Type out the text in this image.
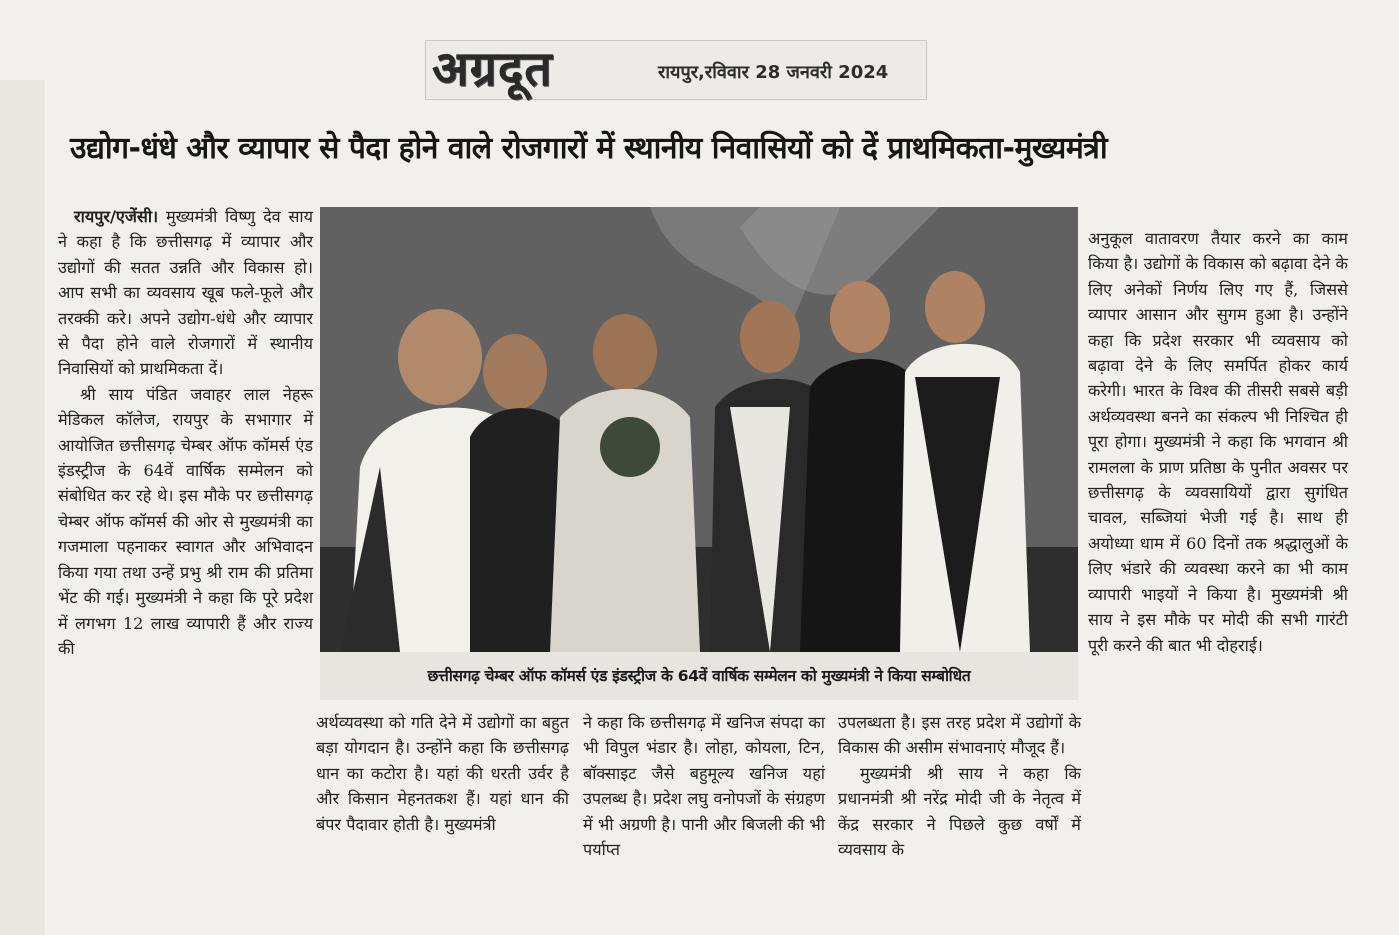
अग्रदूत	रायपुर,रविवार 28 जनवरी 2024
उद्योग-धंधे और व्यापार से पैदा होने वाले रोजगारों में स्थानीय निवासियों को दें प्राथमिकता-मुख्यमंत्री

रायपुर/एजेंसी। मुख्यमंत्री विष्णु देव साय ने कहा है कि छत्तीसगढ़ में व्यापार और उद्योगों की सतत उन्नति और विकास हो। आप सभी का व्यवसाय खूब फले-फूले और तरक्की करे। अपने उद्योग-धंधे और व्यापार से पैदा होने वाले रोजगारों में स्थानीय निवासियों को प्राथमिकता दें।

श्री साय पंडित जवाहर लाल नेहरू मेडिकल कॉलेज, रायपुर के सभागार में आयोजित छत्तीसगढ़ चेम्बर ऑफ कॉमर्स एंड इंडस्ट्रीज के 64वें वार्षिक सम्मेलन को संबोधित कर रहे थे। इस मौके पर छत्तीसगढ़ चेम्बर ऑफ कॉमर्स की ओर से मुख्यमंत्री का गजमाला पहनाकर स्वागत और अभिवादन किया गया तथा उन्हें प्रभु श्री राम की प्रतिमा भेंट की गई। मुख्यमंत्री ने कहा कि पूरे प्रदेश में लगभग 12 लाख व्यापारी हैं और राज्य की

छत्तीसगढ़ चेम्बर ऑफ कॉमर्स एंड इंडस्ट्रीज के 64वें वार्षिक सम्मेलन को मुख्यमंत्री ने किया सम्बोधित

अर्थव्यवस्था को गति देने में उद्योगों का बहुत बड़ा योगदान है। उन्होंने कहा कि छत्तीसगढ़ धान का कटोरा है। यहां की धरती उर्वर है और किसान मेहनतकश हैं। यहां धान की बंपर पैदावार होती है। मुख्यमंत्री

ने कहा कि छत्तीसगढ़ में खनिज संपदा का भी विपुल भंडार है। लोहा, कोयला, टिन, बॉक्साइट जैसे बहुमूल्य खनिज यहां उपलब्ध है। प्रदेश लघु वनोपजों के संग्रहण में भी अग्रणी है। पानी और बिजली की भी पर्याप्त

उपलब्धता है। इस तरह प्रदेश में उद्योगों के विकास की असीम संभावनाएं मौजूद हैं।

मुख्यमंत्री श्री साय ने कहा कि प्रधानमंत्री श्री नरेंद्र मोदी जी के नेतृत्व में केंद्र सरकार ने पिछले कुछ वर्षों में व्यवसाय के

अनुकूल वातावरण तैयार करने का काम किया है। उद्योगों के विकास को बढ़ावा देने के लिए अनेकों निर्णय लिए गए हैं, जिससे व्यापार आसान और सुगम हुआ है। उन्होंने कहा कि प्रदेश सरकार भी व्यवसाय को बढ़ावा देने के लिए समर्पित होकर कार्य करेगी। भारत के विश्व की तीसरी सबसे बड़ी अर्थव्यवस्था बनने का संकल्प भी निश्चित ही पूरा होगा। मुख्यमंत्री ने कहा कि भगवान श्री रामलला के प्राण प्रतिष्ठा के पुनीत अवसर पर छत्तीसगढ़ के व्यवसायियों द्वारा सुगंधित चावल, सब्जियां भेजी गई है। साथ ही अयोध्या धाम में 60 दिनों तक श्रद्धालुओं के लिए भंडारे की व्यवस्था करने का भी काम व्यापारी भाइयों ने किया है। मुख्यमंत्री श्री साय ने इस मौके पर मोदी की सभी गारंटी पूरी करने की बात भी दोहराई।
